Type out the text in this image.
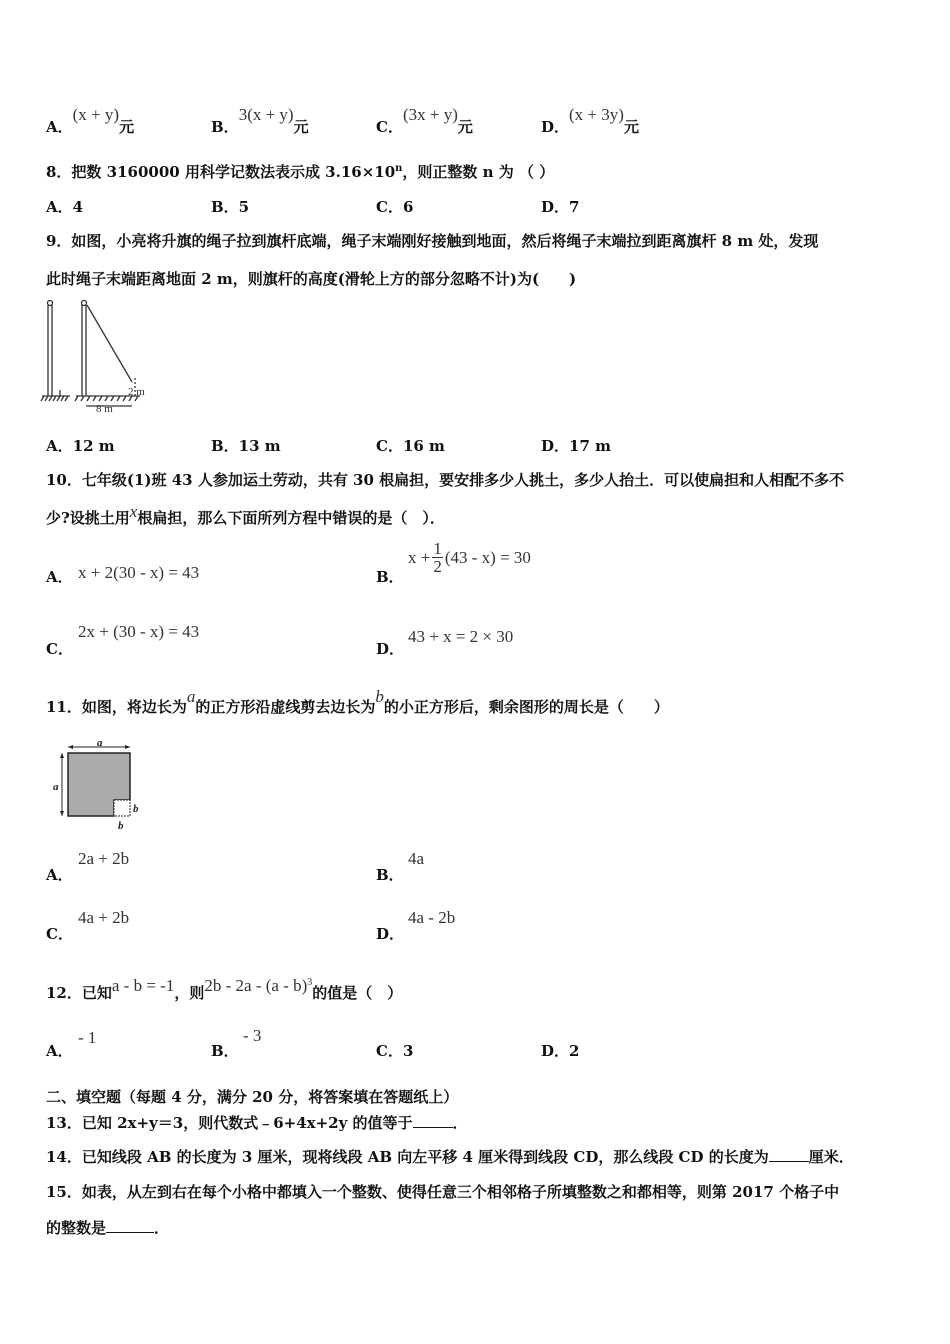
A．(x + y)元	B．3(x + y)元	C．(3x + y)元	D．(x + 3y)元
8．把数 3160000 用科学记数法表示成 $3.16\times 10^n$，则正整数 n 为 （ ）
A．4	B．5	C．6	D．7
9．如图，小亮将升旗的绳子拉到旗杆底端，绳子末端刚好接触到地面，然后将绳子末端拉到距离旗杆 8 m 处，发现
此时绳子末端距离地面 2 m，则旗杆的高度(滑轮上方的部分忽略不计)为(　　)
2 m
8 m
A．12 m	B．13 m	C．16 m	D．17 m
10．七年级(1)班 43 人参加运土劳动，共有 30 根扁担，要安排多少人挑土，多少人抬土．可以使扁担和人相配不多不
少?设挑土用x根扁担，那么下面所列方程中错误的是（　）．
A． x + 2(30 - x) = 43	B．
$x + \frac{1}{2} (43 - x) = 30$
C．
2x + (30 - x) = 43
D．
43 + x = 2 × 30
11．如图，将边长为a的正方形沿虚线剪去边长为b的小正方形后，剩余图形的周长是（　　）
a
a
b
b
A．
2a + 2b
B．
4a
C．
4a + 2b
D．
4a - 2b
12．已知a - b = -1，则2b - 2a - (a - b)$^3$的值是（　）
A．
- 1
B．
- 3
C．3	D．2
二、填空题（每题 4 分，满分 20 分，将答案填在答题纸上）
13．已知 2x+y＝3，则代数式﹣6+4x+2y 的值等于	．
14．已知线段 AB 的长度为 3 厘米，现将线段 AB 向左平移 4 厘米得到线段 CD，那么线段 CD 的长度为	厘米．
15．如表，从左到右在每个小格中都填入一个整数、使得任意三个相邻格子所填整数之和都相等，则第 2017 个格子中
的整数是	．
